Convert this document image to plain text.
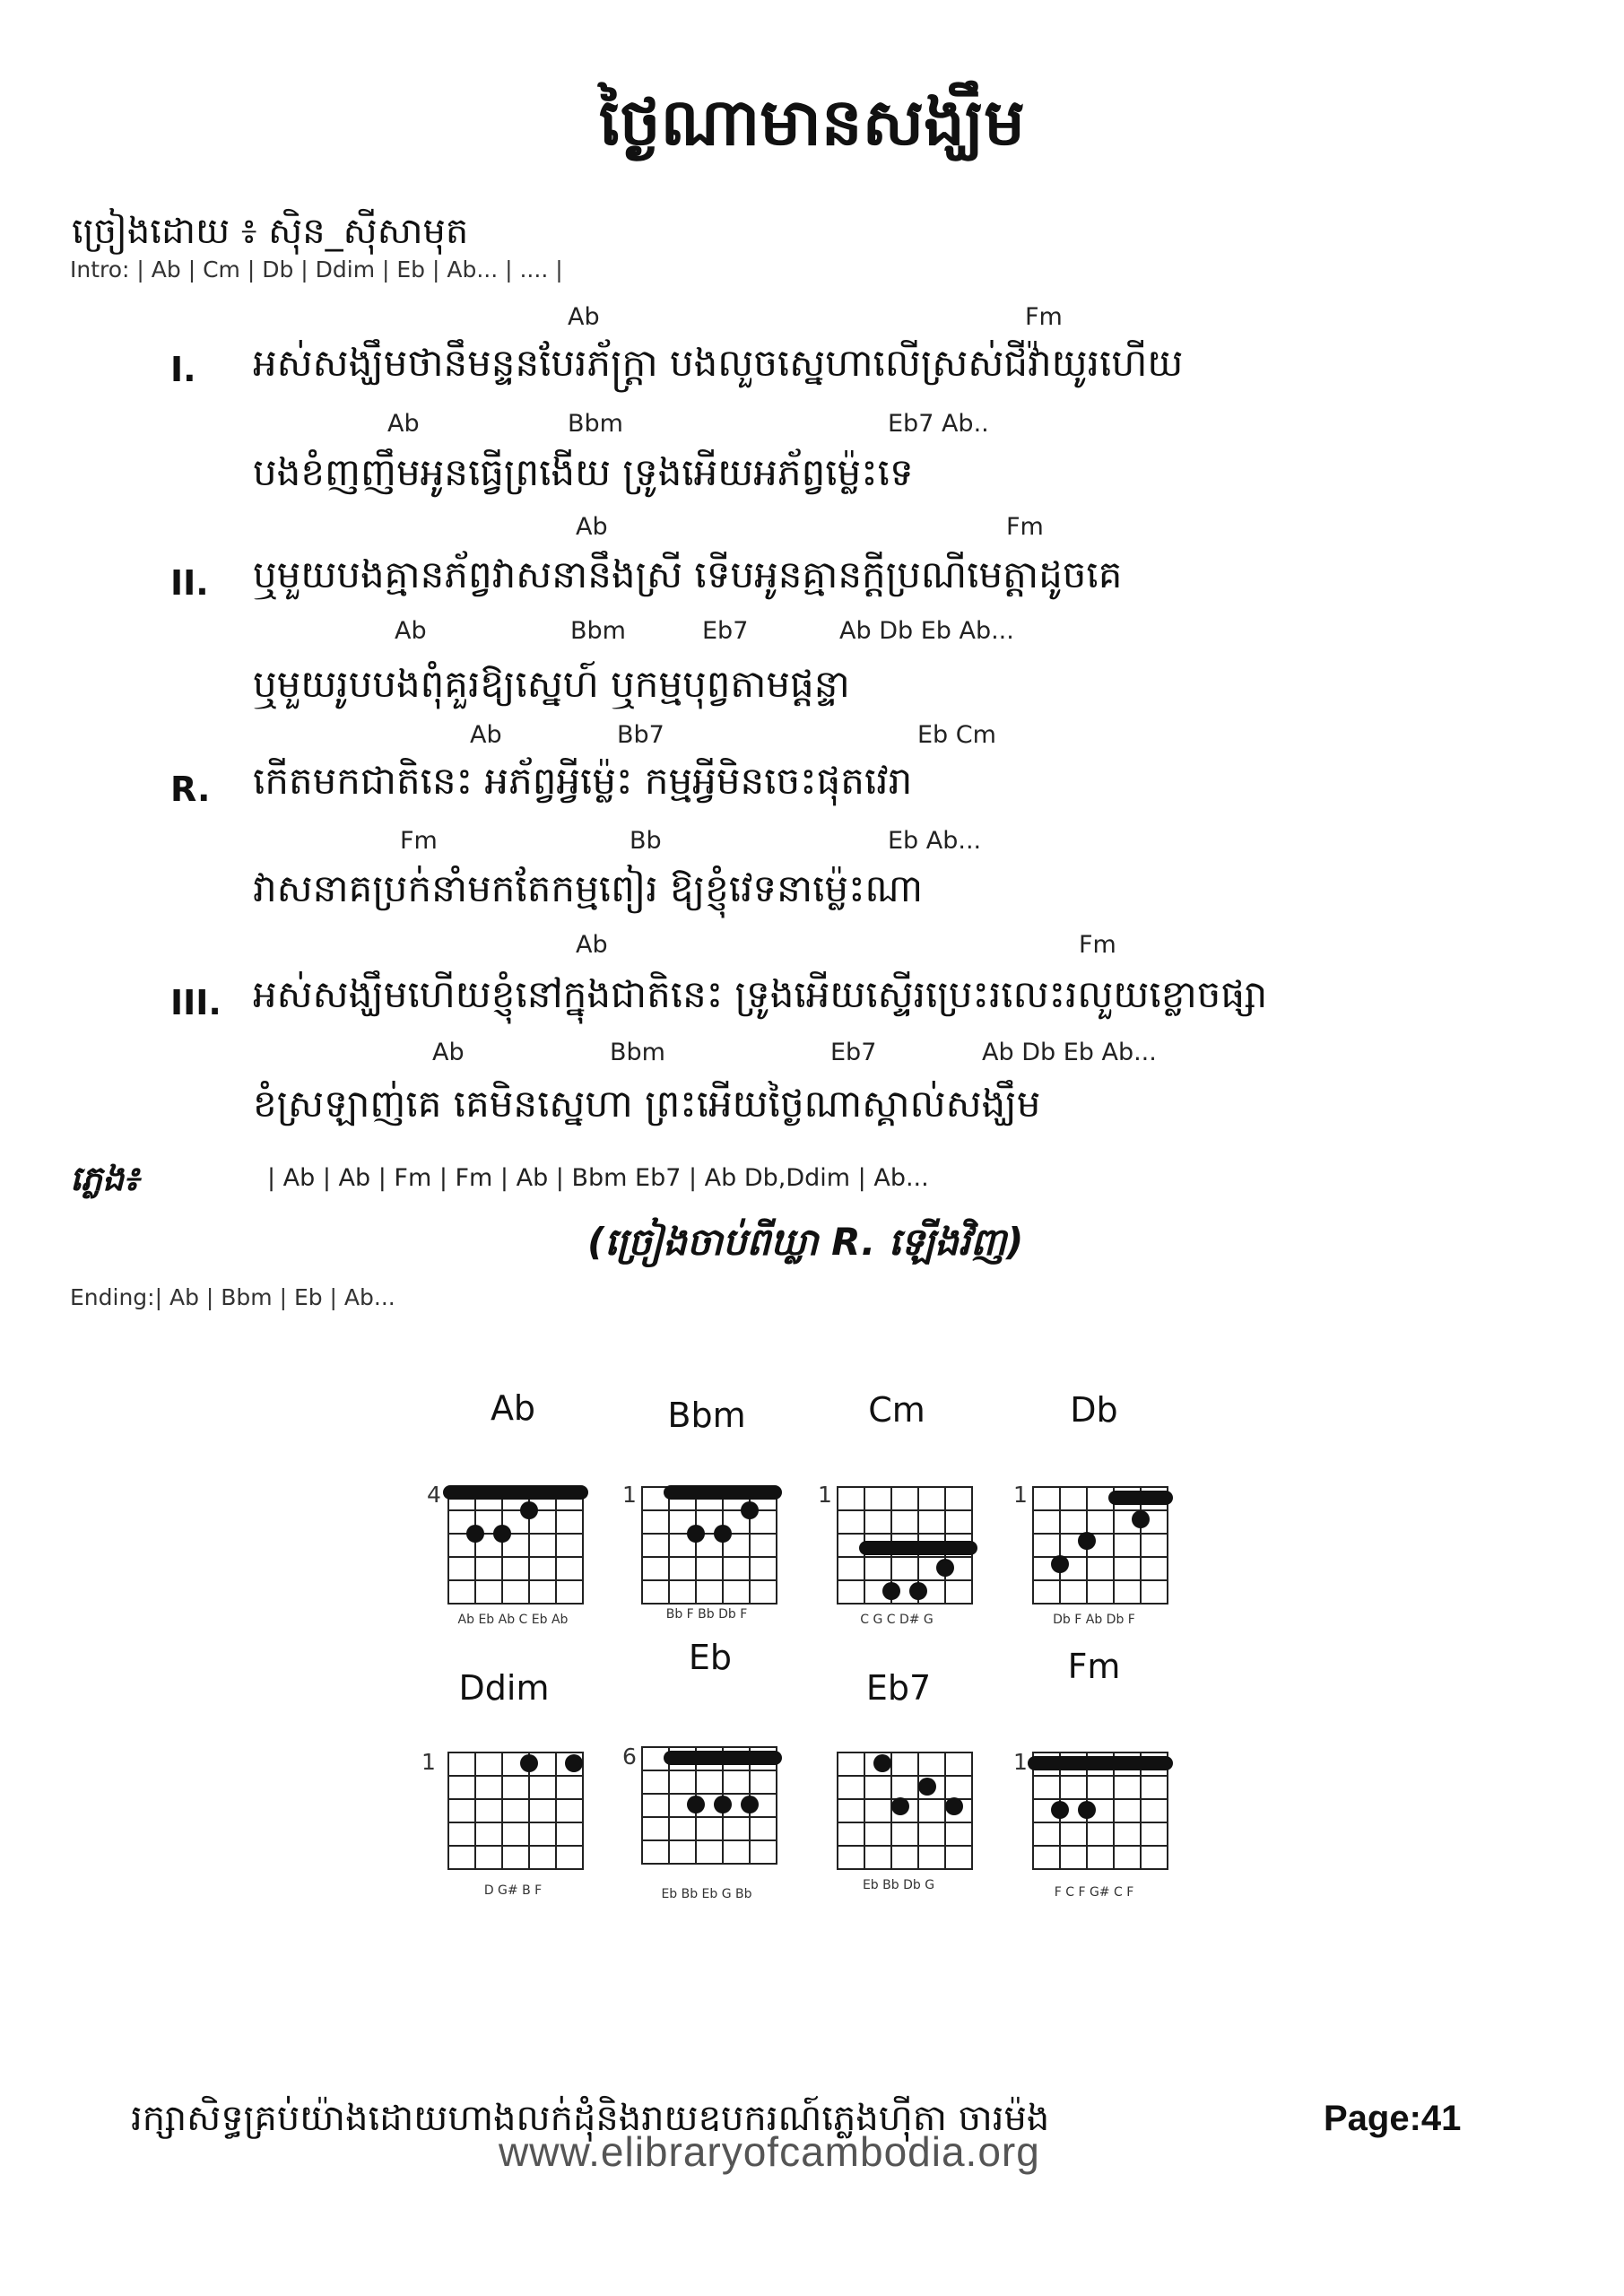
ថ្ងៃណាមានសង្ឃឹម
ច្រៀងដោយ ៖ ស៊ិន_ស៊ីសាមុត
Intro: | Ab | Cm | Db | Ddim | Eb | Ab... | .... |
Ab	Fm
I. អស់សង្ឃឹមថានឹមន្ទនបែរភ័ក្រ្ដា បងលួចស្នេហាលើស្រស់ជីវ៉ាយូរហើយ
Ab	Bbm	Eb7 Ab..
បងខំញញឹមអូនធ្វើព្រងើយ ទ្រូងអើយអភ័ព្វម្ល៉េះទេ
Ab	Fm
II. ឬមួយបងគ្មានភ័ព្វវាសនានឹងស្រី ទើបអូនគ្មានក្ដីប្រណីមេត្តាដូចគេ
Ab	Bbm	Eb7	Ab Db Eb Ab...
ឬមួយរូបបងពុំគួរឱ្យស្នេហ៍ ឬកម្មបុព្វតាមផ្ដន្ទា
Ab	Bb7	Eb Cm
R. កើតមកជាតិនេះ អភ័ព្វអ្វីម្ល៉េះ កម្មអ្វីមិនចេះផុតវេរា
Fm	Bb	Eb Ab...
វាសនាគប្រក់នាំមកតែកម្មពៀរ ឱ្យខ្ញុំវេទនាម្ល៉េះណា
Ab	Fm
III. អស់សង្ឃឹមហើយខ្ញុំនៅក្នុងជាតិនេះ ទ្រូងអើយស្ទើរប្រេះរលេះរលួយខ្លោចផ្សា
Ab	Bbm	Eb7	Ab Db Eb Ab...
ខំស្រឡាញ់គេ គេមិនស្នេហា ព្រះអើយថ្ងៃណាស្គាល់សង្ឃឹម
ភ្លេង៖	| Ab | Ab | Fm | Fm | Ab | Bbm Eb7 | Ab Db,Ddim | Ab...
(ច្រៀងចាប់ពីឃ្លា R. ឡើងវិញ)
Ending:| Ab | Bbm | Eb | Ab...
Ab	Bbm	Cm	Db
Ddim
Eb
Eb7
Fm
Ab Eb Ab C Eb Ab	Bb F Bb Db F	C G C D# G	Db F Ab Db F
D G# B F	Eb Bb Eb G Bb
Eb Bb Db G	F C F G# C F
4	1	1	1
1	6	1
រក្សាសិទ្ធគ្រប់យ៉ាងដោយហាងលក់ដុំនិងរាយឧបករណ៍ភ្លេងហ៊ីតា ចារម៉ង	Page:41
www.elibraryofcambodia.org
